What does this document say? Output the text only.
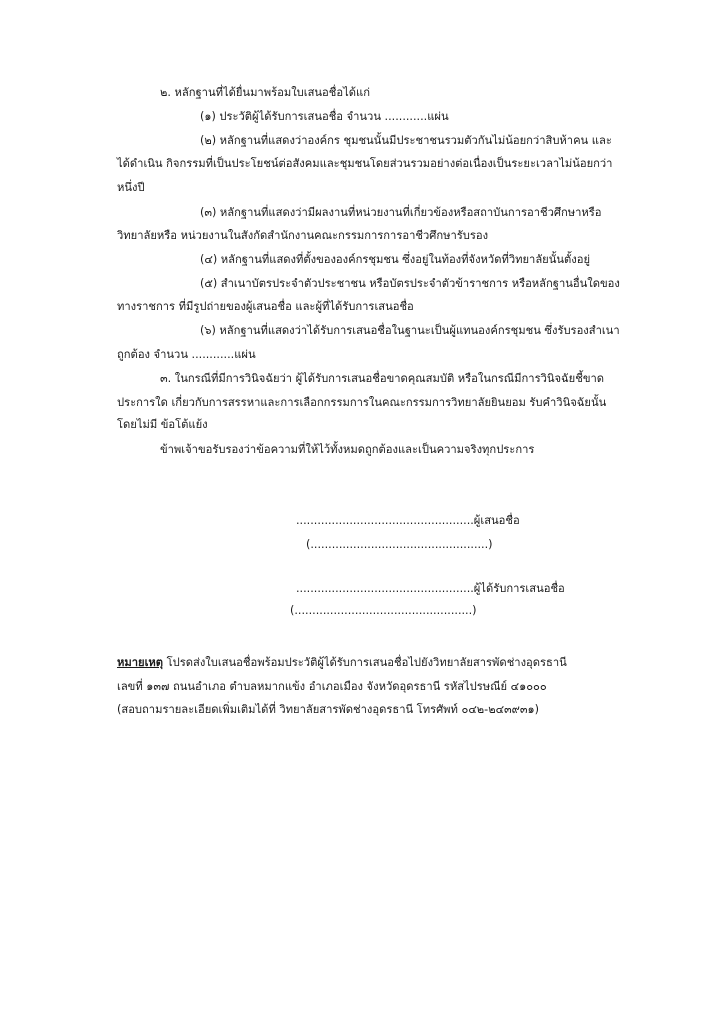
๒. หลักฐานที่ได้ยื่นมาพร้อมใบเสนอชื่อได้แก่
(๑) ประวัติผู้ได้รับการเสนอชื่อ จำนวน ............แผ่น
(๒) หลักฐานที่แสดงว่าองค์กร ชุมชนนั้นมีประชาชนรวมตัวกันไม่น้อยกว่าสิบห้าคน และ
ได้ดำเนิน กิจกรรมที่เป็นประโยชน์ต่อสังคมและชุมชนโดยส่วนรวมอย่างต่อเนื่องเป็นระยะเวลาไม่น้อยกว่า
หนึ่งปี
(๓) หลักฐานที่แสดงว่ามีผลงานที่หน่วยงานที่เกี่ยวข้องหรือสถาบันการอาชีวศึกษาหรือ
วิทยาลัยหรือ หน่วยงานในสังกัดสำนักงานคณะกรรมการการอาชีวศึกษารับรอง
(๔) หลักฐานที่แสดงที่ตั้งขององค์กรชุมชน ซึ่งอยู่ในท้องที่จังหวัดที่วิทยาลัยนั้นตั้งอยู่
(๕) สำเนาบัตรประจำตัวประชาชน หรือบัตรประจำตัวข้าราชการ หรือหลักฐานอื่นใดของ
ทางราชการ ที่มีรูปถ่ายของผู้เสนอชื่อ และผู้ที่ได้รับการเสนอชื่อ
(๖) หลักฐานที่แสดงว่าได้รับการเสนอชื่อในฐานะเป็นผู้แทนองค์กรชุมชน ซึ่งรับรองสำเนา
ถูกต้อง จำนวน ............แผ่น
๓. ในกรณีที่มีการวินิจฉัยว่า ผู้ได้รับการเสนอชื่อขาดคุณสมบัติ หรือในกรณีมีการวินิจฉัยชี้ขาด
ประการใด เกี่ยวกับการสรรหาและการเลือกกรรมการในคณะกรรมการวิทยาลัยยินยอม รับคำวินิจฉัยนั้น
โดยไม่มี ข้อโต้แย้ง
ข้าพเจ้าขอรับรองว่าข้อความที่ให้ไว้ทั้งหมดถูกต้องและเป็นความจริงทุกประการ
..................................................ผู้เสนอชื่อ
(..................................................)
..................................................ผู้ได้รับการเสนอชื่อ
(..................................................)
หมายเหตุ โปรดส่งใบเสนอชื่อพร้อมประวัติผู้ได้รับการเสนอชื่อไปยังวิทยาลัยสารพัดช่างอุดรธานี
เลขที่ ๑๓๗ ถนนอำเภอ ตำบลหมากแข้ง อำเภอเมือง จังหวัดอุดรธานี รหัสไปรษณีย์ ๔๑๐๐๐
(สอบถามรายละเอียดเพิ่มเติมได้ที่ วิทยาลัยสารพัดช่างอุดรธานี โทรศัพท์ ๐๔๒-๒๔๓๙๓๑)
